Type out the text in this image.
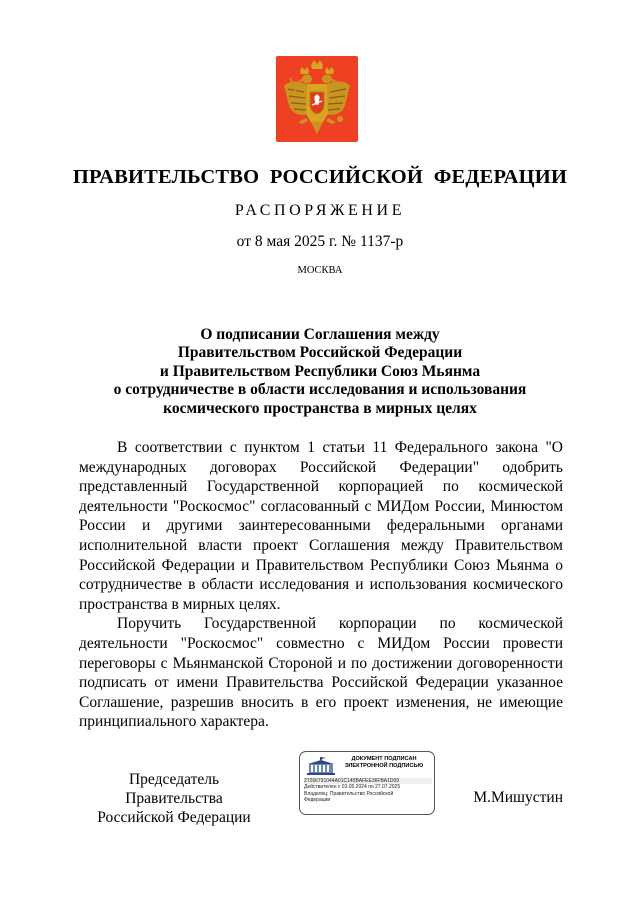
ПРАВИТЕЛЬСТВО  РОССИЙСКОЙ  ФЕДЕРАЦИИ
РАСПОРЯЖЕНИЕ
от 8 мая 2025 г. № 1137-р
МОСКВА
О подписании Соглашения между
Правительством Российской Федерации
и Правительством Республики Союз Мьянма
о сотрудничестве в области исследования и использования
космического пространства в мирных целях

В соответствии с пунктом 1 статьи 11 Федерального закона "О международных договорах Российской Федерации" одобрить представленный Государственной корпорацией по космической деятельности "Роскосмос" согласованный с МИДом России, Минюстом России и другими заинтересованными федеральными органами исполнительной власти проект Соглашения между Правительством Российской Федерации и Правительством Республики Союз Мьянма о сотрудничестве в области исследования и использования космического пространства в мирных целях.

Поручить Государственной корпорации по космической деятельности "Роскосмос" совместно с МИДом России провести переговоры с Мьянманской Стороной и по достижении договоренности подписать от имени Правительства Российской Федерации указанное Соглашение, разрешив вносить в его проект изменения, не имеющие принципиального характера.

Председатель Правительства
Российской Федерации
ДОКУМЕНТ ПОДПИСАН
ЭЛЕКТРОННОЙ ПОДПИСЬЮ
27266791044A01C145BAFEE36FBA1D09
Действителен с 03.05.2024 по 27.07.2025
Владелец: Правительство Российской
Федерации	М.Мишустин
